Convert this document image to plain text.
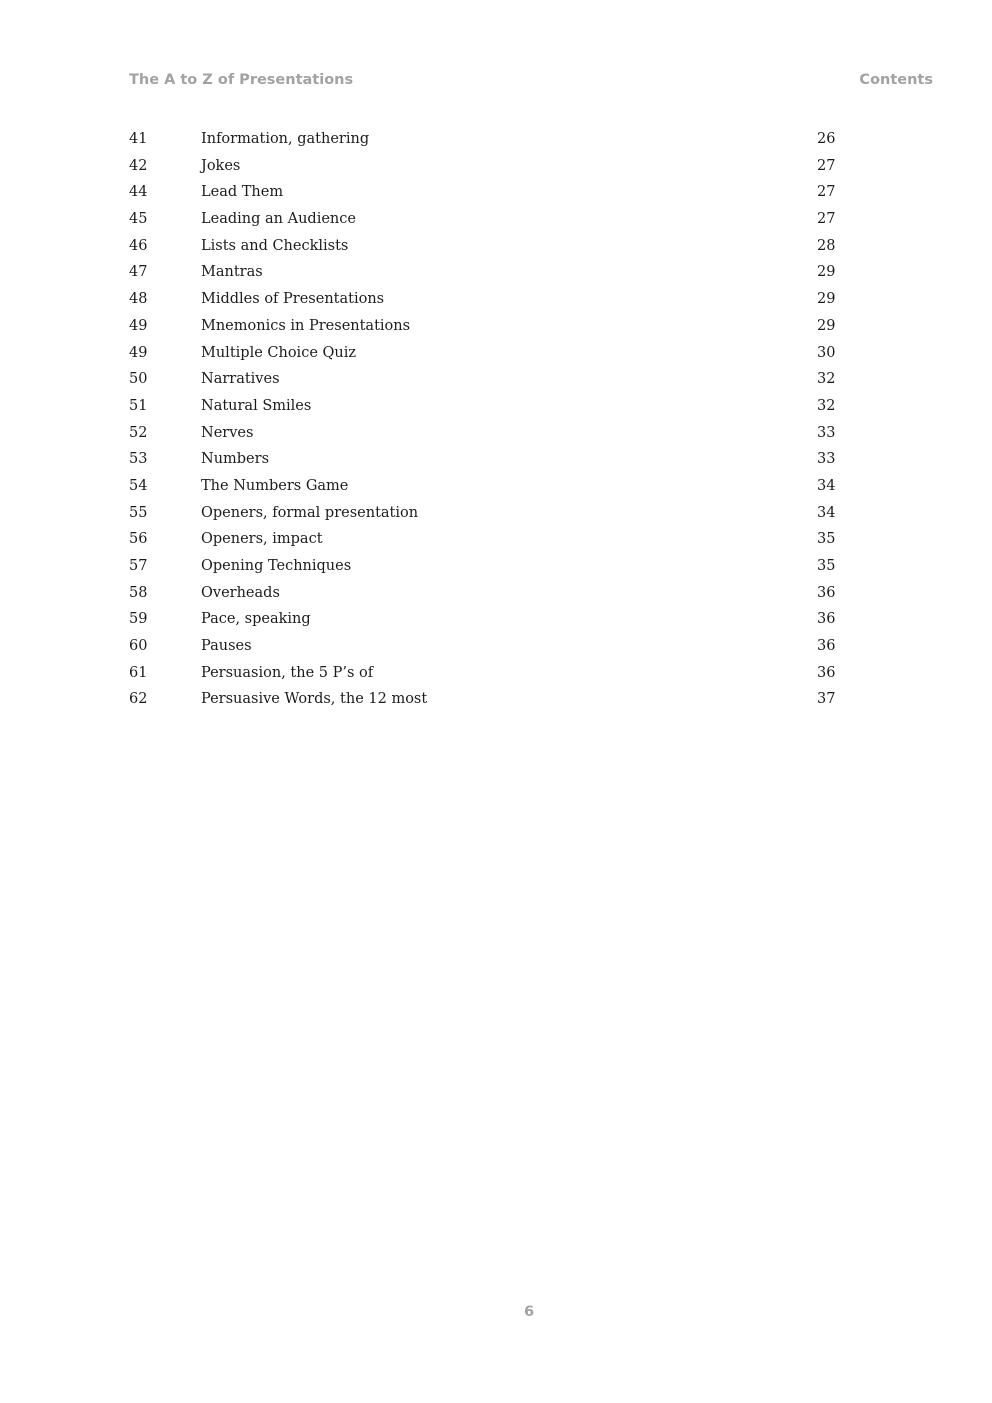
The A to Z of Presentations	Contents
41	Information, gathering	26
42	Jokes	27
44	Lead Them	27
45	Leading an Audience	27
46	Lists and Checklists	28
47	Mantras	29
48	Middles of Presentations	29
49	Mnemonics in Presentations	29
49	Multiple Choice Quiz	30
50	Narratives	32
51	Natural Smiles	32
52	Nerves	33
53	Numbers	33
54	The Numbers Game	34
55	Openers, formal presentation	34
56	Openers, impact	35
57	Opening Techniques	35
58	Overheads	36
59	Pace, speaking	36
60	Pauses	36
61	Persuasion, the 5 P’s of	36
62	Persuasive Words, the 12 most	37
6
